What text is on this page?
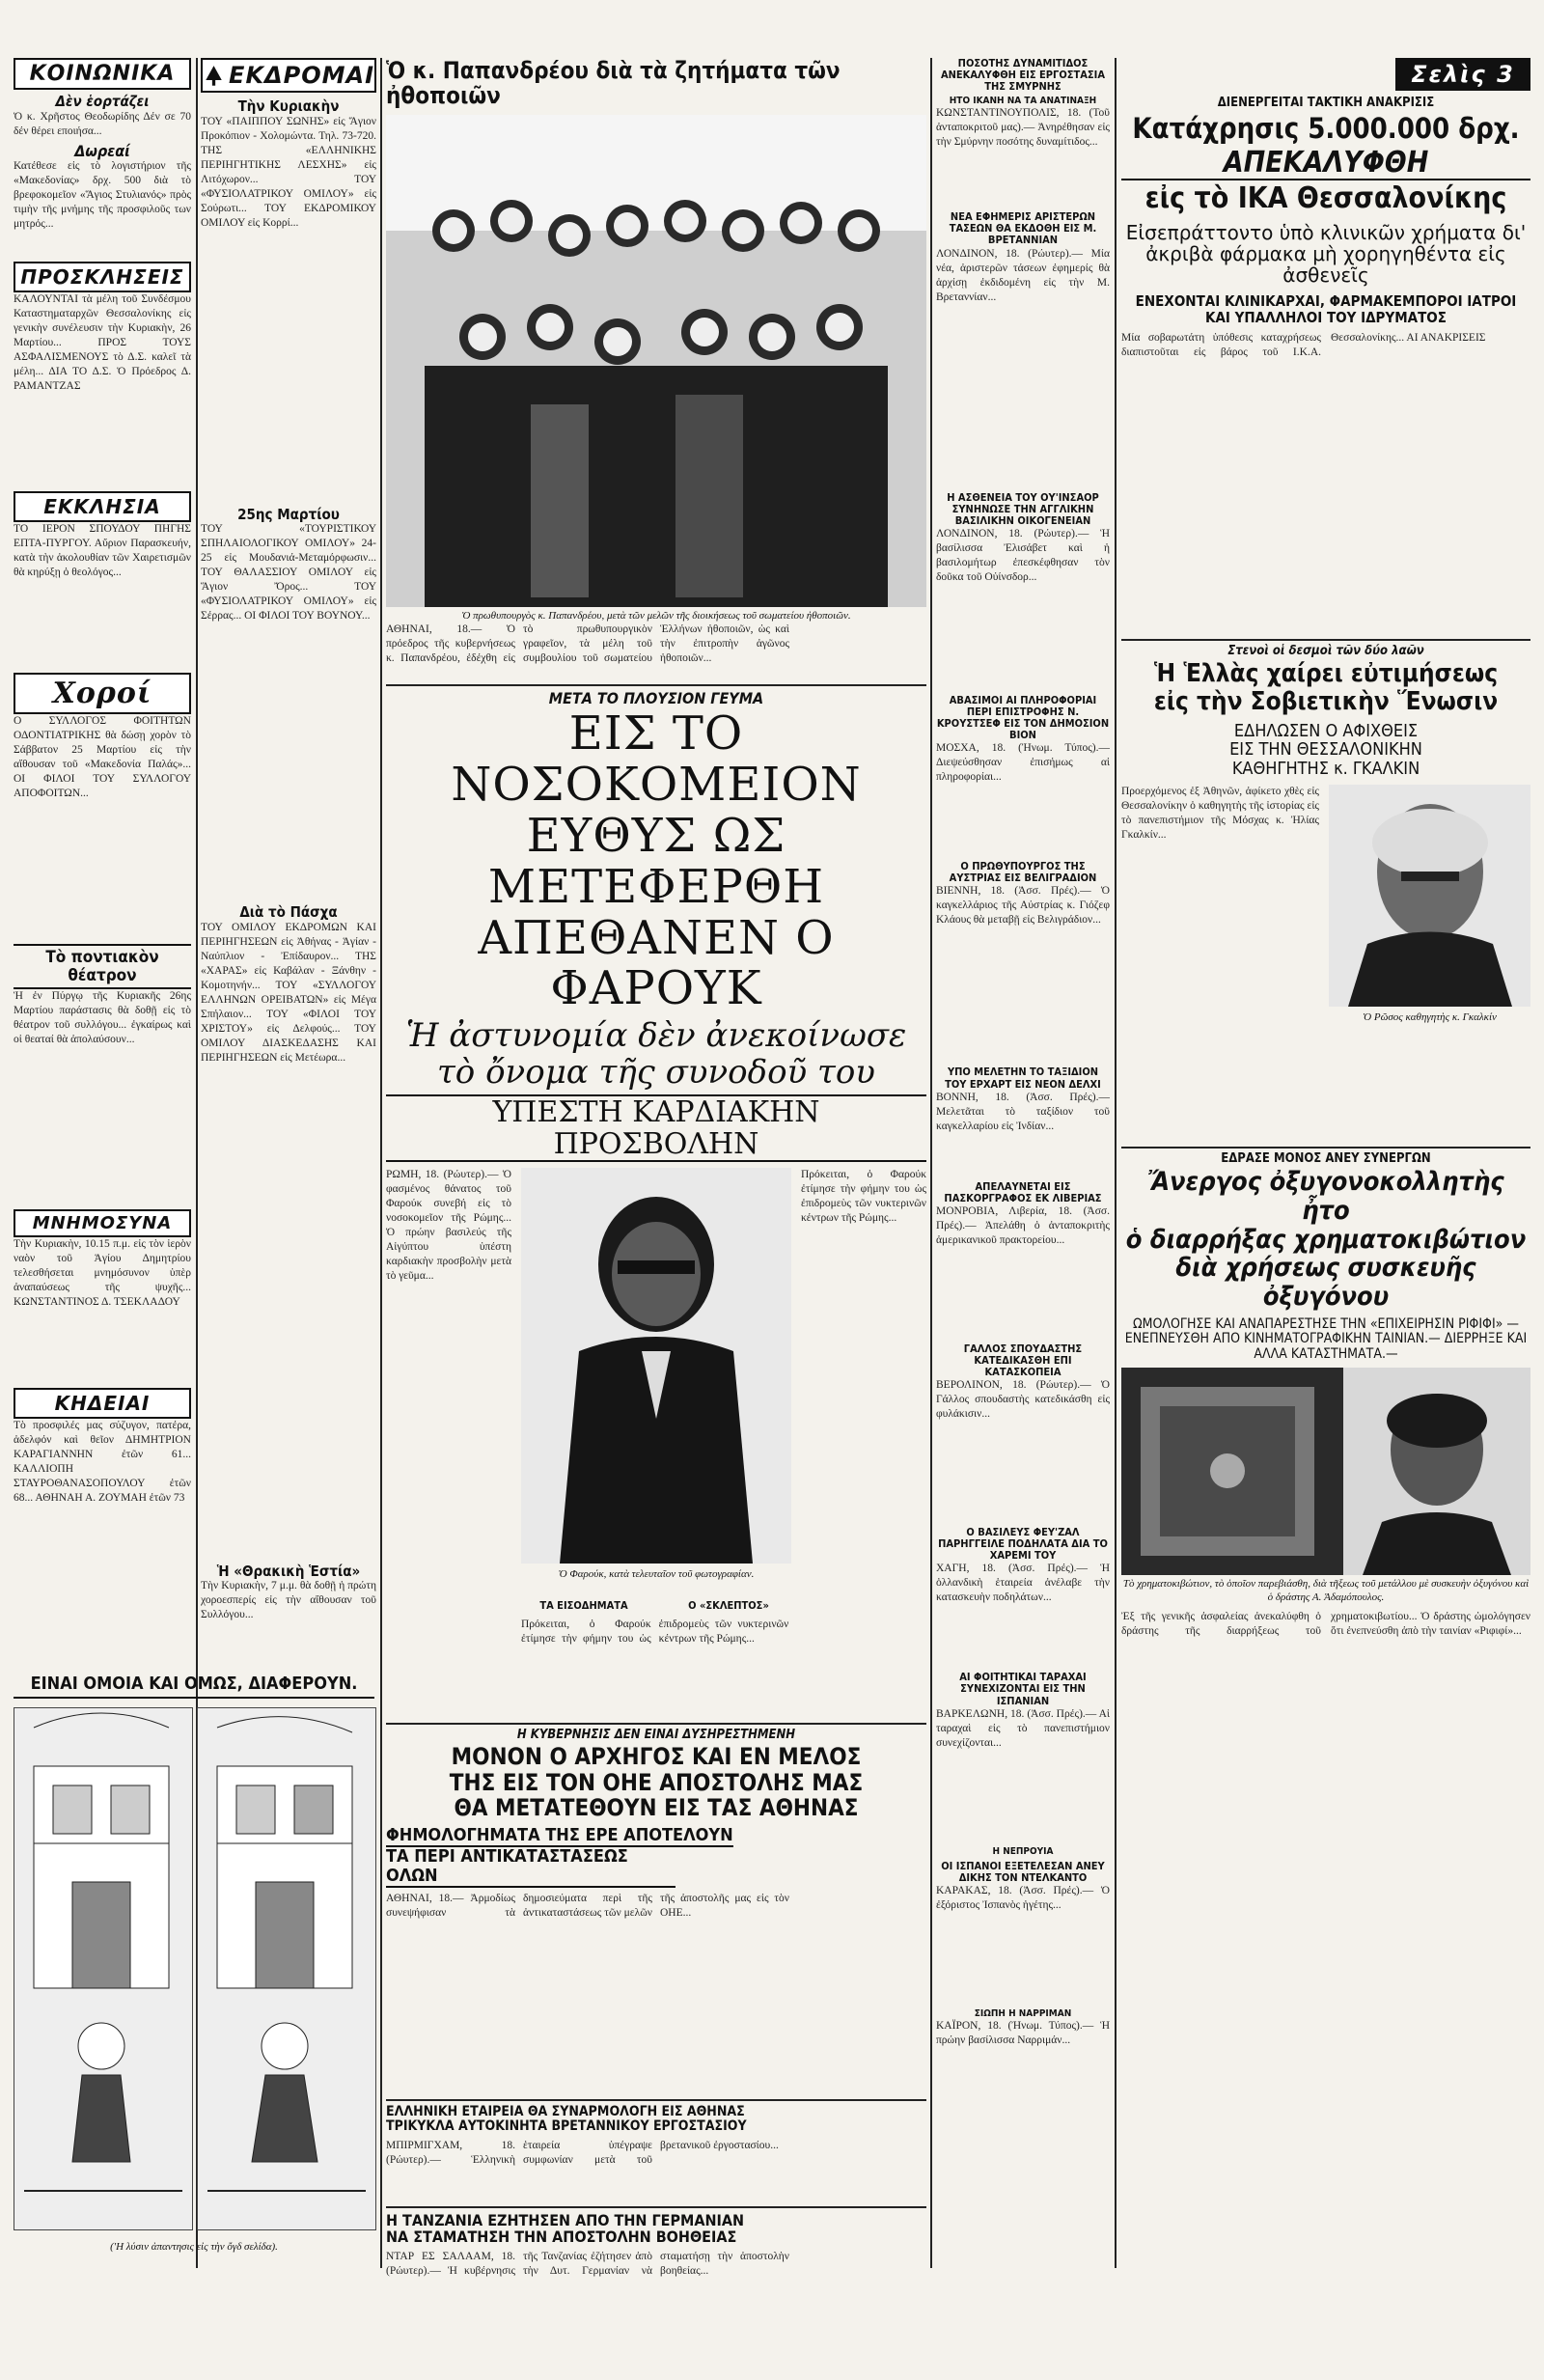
ΚΟΙΝΩΝΙΚΑ

Δὲν ἑορτάζει

Ὁ κ. Χρῆστος Θεοδωρίδης Δέν σε 70 δέν θέρει εποιήσα...

Δωρεαί

Κατέθεσε εἰς τὸ λογιστήριον τῆς «Μακεδονίας» δρχ. 500 διὰ τὸ βρεφοκομεῖον «Ἅγιος Στυλιανός» πρὸς τιμὴν τῆς μνήμης τῆς προσφιλοῦς των μητρός...

ΠΡΟΣΚΛΗΣΕΙΣ

ΚΑΛΟΥΝΤΑΙ τὰ μέλη τοῦ Συνδέσμου Καταστηματαρχῶν Θεσσαλονίκης εἰς γενικὴν συνέλευσιν τὴν Κυριακὴν, 26 Μαρτίου... ΠΡΟΣ ΤΟΥΣ ΑΣΦΑΛΙΣΜΕΝΟΥΣ τὸ Δ.Σ. καλεῖ τὰ μέλη... ΔΙΑ ΤΟ Δ.Σ. Ὁ Πρόεδρος Δ. ΡΑΜΑΝΤΖΑΣ

ΕΚΚΛΗΣΙΑ

ΤΟ ΙΕΡΟΝ ΣΠΟΥΔΟΥ ΠΗΓΗΣ ΕΠΤΑ-ΠΥΡΓΟΥ. Αὔριον Παρασκευήν, κατὰ τὴν ἀκολουθίαν τῶν Χαιρετισμῶν θὰ κηρύξῃ ὁ θεολόγος...

Χοροί

Ο ΣΥΛΛΟΓΟΣ ΦΟΙΤΗΤΩΝ ΟΔΟΝΤΙΑΤΡΙΚΗΣ θὰ δώσῃ χορὸν τὸ Σάββατον 25 Μαρτίου εἰς τὴν αἴθουσαν τοῦ «Μακεδονία Παλάς»... ΟΙ ΦΙΛΟΙ ΤΟΥ ΣΥΛΛΟΓΟΥ ΑΠΟΦΟΙΤΩΝ...

Τὸ ποντιακὸν θέατρον

Ἡ ἐν Πύργῳ τῆς Κυριακῆς 26ης Μαρτίου παράστασις θὰ δοθῇ εἰς τὸ θέατρον τοῦ συλλόγου... ἐγκαίρως καὶ οἱ θεαταί θὰ ἀπολαύσουν...

ΜΝΗΜΟΣΥΝΑ

Τὴν Κυριακὴν, 10.15 π.μ. εἰς τὸν ἱερὸν ναὸν τοῦ Ἁγίου Δημητρίου τελεσθήσεται μνημόσυνον ὑπὲρ ἀναπαύσεως τῆς ψυχῆς... ΚΩΝΣΤΑΝΤΙΝΟΣ Δ. ΤΣΕΚΛΑΔΟΥ

ΚΗΔΕΙΑΙ

Τὸ προσφιλές μας σύζυγον, πατέρα, ἀδελφόν καὶ θεῖον ΔΗΜΗΤΡΙΟΝ ΚΑΡΑΓΙΑΝΝΗΝ ἐτῶν 61... ΚΑΛΛΙΟΠΗ ΣΤΑΥΡΟΘΑΝΑΣΟΠΟΥΛΟΥ ἐτῶν 68... ΑΘΗΝΑΗ Α. ΖΟΥΜΑΗ ἐτῶν 73

ΕΙΝΑΙ ΟΜΟΙΑ ΚΑΙ ΟΜΩΣ, ΔΙΑΦΕΡΟΥΝ.

('Η λύσιν ἀπαντησις εἰς τὴν ὄγδ σελίδα).

ΕΚΔΡΟΜΑΙ

Τὴν Κυριακὴν

ΤΟΥ «ΠΑΙΠΠΟΥ ΣΩΝΗΣ» εἰς Ἅγιον Προκόπιον - Χολομώντα. Τηλ. 73-720. ΤΗΣ «ΕΛΛΗΝΙΚΗΣ ΠΕΡΙΗΓΗΤΙΚΗΣ ΛΕΣΧΗΣ» εἰς Λιτόχωρον... ΤΟΥ «ΦΥΣΙΟΛΑΤΡΙΚΟΥ ΟΜΙΛΟΥ» εἰς Σούρωτι... ΤΟΥ ΕΚΔΡΟΜΙΚΟΥ ΟΜΙΛΟΥ εἰς Κορρί...

25ης Μαρτίου

ΤΟΥ «ΤΟΥΡΙΣΤΙΚΟΥ ΣΠΗΛΑΙΟΛΟΓΙΚΟΥ ΟΜΙΛΟΥ» 24-25 εἰς Μουδανιά-Μεταμόρφωσιν... ΤΟΥ ΘΑΛΑΣΣΙΟΥ ΟΜΙΛΟΥ εἰς Ἅγιον Ὄρος... ΤΟΥ «ΦΥΣΙΟΛΑΤΡΙΚΟΥ ΟΜΙΛΟΥ» εἰς Σέρρας... ΟΙ ΦΙΛΟΙ ΤΟΥ ΒΟΥΝΟΥ...

Διὰ τὸ Πάσχα

ΤΟΥ ΟΜΙΛΟΥ ΕΚΔΡΟΜΩΝ ΚΑΙ ΠΕΡΙΗΓΗΣΕΩΝ εἰς Ἀθήνας - Ἁγίαν - Ναύπλιον - Ἐπίδαυρον... ΤΗΣ «ΧΑΡΑΣ» εἰς Καβάλαν - Ξάνθην - Κομοτηνήν... ΤΟΥ «ΣΥΛΛΟΓΟΥ ΕΛΛΗΝΩΝ ΟΡΕΙΒΑΤΩΝ» εἰς Μέγα Σπήλαιον... ΤΟΥ «ΦΙΛΟΙ ΤΟΥ ΧΡΙΣΤΟΥ» εἰς Δελφούς... ΤΟΥ ΟΜΙΛΟΥ ΔΙΑΣΚΕΔΑΣΗΣ ΚΑΙ ΠΕΡΙΗΓΗΣΕΩΝ εἰς Μετέωρα...

Ἡ «Θρακικὴ Ἑστία»

Τὴν Κυριακὴν, 7 μ.μ. θὰ δοθῇ ἡ πρώτη χοροεσπερίς εἰς τὴν αἴθουσαν τοῦ Συλλόγου...

Ὁ κ. Παπανδρέου διὰ τὰ ζητήματα τῶν ἠθοποιῶν

Ὁ πρωθυπουργὸς κ. Παπανδρέου, μετὰ τῶν μελῶν τῆς διοικήσεως τοῦ σωματείου ἠθοποιῶν.

ΑΘΗΝΑΙ, 18.— Ὁ πρόεδρος τῆς κυβερνήσεως κ. Παπανδρέου, ἐδέχθη εἰς τὸ πρωθυπουργικὸν γραφεῖον, τὰ μέλη τοῦ συμβουλίου τοῦ σωματείου Ἑλλήνων ἠθοποιῶν, ὡς καὶ τὴν ἐπιτροπὴν ἀγῶνος ἠθοποιῶν...

ΜΕΤΑ ΤΟ ΠΛΟΥΣΙΟΝ ΓΕΥΜΑ

ΕΙΣ ΤΟ ΝΟΣΟΚΟΜΕΙΟΝ

ΕΥΘΥΣ ΩΣ ΜΕΤΕΦΕΡΘΗ

ΑΠΕΘΑΝΕΝ Ο ΦΑΡΟΥΚ

Ἡ ἀστυνομία δὲν ἀνεκοίνωσε

τὸ ὄνομα τῆς συνοδοῦ του

ΥΠΕΣΤΗ ΚΑΡΔΙΑΚΗΝ ΠΡΟΣΒΟΛΗΝ

ΡΩΜΗ, 18. (Ρώυτερ).— Ὁ φασμένος θάνατος τοῦ Φαρούκ συνεβή εἰς τὸ νοσοκομεῖον τῆς Ρώμης... Ὁ πρώην βασιλεύς τῆς Αἰγύπτου ὑπέστη καρδιακὴν προσβολὴν μετὰ τὸ γεῦμα...

Ὁ Φαρούκ, κατὰ τελευταῖον τοῦ φωτογραφίαν.

Πρόκειται, ὁ Φαρούκ ἐτίμησε τὴν φήμην του ὡς ἐπιδρομεὺς τῶν νυκτερινῶν κέντρων τῆς Ρώμης...

ΤΑ ΕΙΣΟΔΗΜΑΤΑ	Ο «ΣΚΛΕΠΤΟΣ»

Πρόκειται, ὁ Φαρούκ ἐτίμησε τὴν φήμην του ὡς ἐπιδρομεὺς τῶν νυκτερινῶν κέντρων τῆς Ρώμης...

Η ΚΥΒΕΡΝΗΣΙΣ ΔΕΝ ΕΙΝΑΙ ΔΥΣΗΡΕΣΤΗΜΕΝΗ

ΜΟΝΟΝ Ο ΑΡΧΗΓΟΣ ΚΑΙ ΕΝ ΜΕΛΟΣ

ΤΗΣ ΕΙΣ ΤΟΝ ΟΗΕ ΑΠΟΣΤΟΛΗΣ ΜΑΣ

ΘΑ ΜΕΤΑΤΕΘΟΥΝ ΕΙΣ ΤΑΣ ΑΘΗΝΑΣ

ΦΗΜΟΛΟΓΗΜΑΤΑ ΤΗΣ ΕΡΕ ΑΠΟΤΕΛΟΥΝ

ΤΑ ΠΕΡΙ ΑΝΤΙΚΑΤΑΣΤΑΣΕΩΣ ΟΛΩΝ

ΑΘΗΝΑΙ, 18.— Ἀρμοδίως συνεψήφισαν τὰ δημοσιεύματα περὶ τῆς ἀντικαταστάσεως τῶν μελῶν τῆς ἀποστολῆς μας εἰς τὸν ΟΗΕ...

ΕΛΛΗΝΙΚΗ ΕΤΑΙΡΕΙΑ ΘΑ ΣΥΝΑΡΜΟΛΟΓΗ ΕΙΣ ΑΘΗΝΑΣ

ΤΡΙΚΥΚΛΑ ΑΥΤΟΚΙΝΗΤΑ ΒΡΕΤΑΝΝΙΚΟΥ ΕΡΓΟΣΤΑΣΙΟΥ

ΜΠΙΡΜΙΓΧΑΜ, 18. (Ρώυτερ).— Ἑλληνικὴ ἑταιρεία ὑπέγραψε συμφωνίαν μετὰ τοῦ βρετανικοῦ ἐργοστασίου...

Η ΤΑΝΖΑΝΙΑ ΕΖΗΤΗΣΕΝ ΑΠΟ ΤΗΝ ΓΕΡΜΑΝΙΑΝ

ΝΑ ΣΤΑΜΑΤΗΣΗ ΤΗΝ ΑΠΟΣΤΟΛΗΝ ΒΟΗΘΕΙΑΣ

ΝΤΑΡ ΕΣ ΣΑΛΑΑΜ, 18. (Ρώυτερ).— Ἡ κυβέρνησις τῆς Τανζανίας ἐζήτησεν ἀπὸ τὴν Δυτ. Γερμανίαν νὰ σταματήσῃ τὴν ἀποστολὴν βοηθείας...

ΠΟΣΟΤΗΣ ΔΥΝΑΜΙΤΙΔΟΣ ΑΝΕΚΑΛΥΦΘΗ ΕΙΣ ΕΡΓΟΣΤΑΣΙΑ ΤΗΣ ΣΜΥΡΝΗΣ

ΗΤΟ ΙΚΑΝΗ ΝΑ ΤΑ ΑΝΑΤΙΝΑΞΗ

ΚΩΝΣΤΑΝΤΙΝΟΥΠΟΛΙΣ, 18. (Τοῦ ἀνταποκριτοῦ μας).— Ἀνηρέθησαν εἰς τὴν Σμύρνην ποσότης δυναμίτιδος...

ΝΕΑ ΕΦΗΜΕΡΙΣ ΑΡΙΣΤΕΡΩΝ ΤΑΣΕΩΝ ΘΑ ΕΚΔΟΘΗ ΕΙΣ Μ. ΒΡΕΤΑΝΝΙΑΝ

ΛΟΝΔΙΝΟΝ, 18. (Ρώυτερ).— Μία νέα, ἀριστερῶν τάσεων ἐφημερίς θὰ ἀρχίσῃ ἐκδιδομένη εἰς τὴν Μ. Βρεταννίαν...

Η ΑΣΘΕΝΕΙΑ ΤΟΥ ΟΥ'ΙΝΣΑΟΡ ΣΥΝΗΝΩΣΕ ΤΗΝ ΑΓΓΛΙΚΗΝ ΒΑΣΙΛΙΚΗΝ ΟΙΚΟΓΕΝΕΙΑΝ

ΛΟΝΔΙΝΟΝ, 18. (Ρώυτερ).— Ἡ βασίλισσα Ἐλισάβετ καὶ ἡ βασιλομήτωρ ἐπεσκέφθησαν τὸν δοῦκα τοῦ Οὐίνσδορ...

ΑΒΑΣΙΜΟΙ ΑΙ ΠΛΗΡΟΦΟΡΙΑΙ ΠΕΡΙ ΕΠΙΣΤΡΟΦΗΣ Ν. ΚΡΟΥΣΤΣΕΦ ΕΙΣ ΤΟΝ ΔΗΜΟΣΙΟΝ ΒΙΟΝ

ΜΟΣΧΑ, 18. (Ἠνωμ. Τύπος).— Διεψεύσθησαν ἐπισήμως αἱ πληροφορίαι...

Ο ΠΡΩΘΥΠΟΥΡΓΟΣ ΤΗΣ ΑΥΣΤΡΙΑΣ ΕΙΣ ΒΕΛΙΓΡΑΔΙΟΝ

ΒΙΕΝΝΗ, 18. (Ἀσσ. Πρές).— Ὁ καγκελλάριος τῆς Αὐστρίας κ. Γιόζεφ Κλάους θὰ μεταβῇ εἰς Βελιγράδιον...

ΥΠΟ ΜΕΛΕΤΗΝ ΤΟ ΤΑΞΙΔΙΟΝ ΤΟΥ ΕΡΧΑΡΤ ΕΙΣ ΝΕΟΝ ΔΕΛΧΙ

ΒΟΝΝΗ, 18. (Ἀσσ. Πρές).— Μελετᾶται τὸ ταξίδιον τοῦ καγκελλαρίου εἰς Ἰνδίαν...

ΑΠΕΛΑΥΝΕΤΑΙ ΕΙΣ ΠΑΣΚΟΡΓΡΑΦΟΣ ΕΚ ΛΙΒΕΡΙΑΣ

ΜΟΝΡΟΒΙΑ, Λιβερία, 18. (Ἀσσ. Πρές).— Ἀπελάθη ὁ ἀνταποκριτὴς ἀμερικανικοῦ πρακτορείου...

ΓΑΛΛΟΣ ΣΠΟΥΔΑΣΤΗΣ ΚΑΤΕΔΙΚΑΣΘΗ ΕΠΙ ΚΑΤΑΣΚΟΠΕΙΑ

ΒΕΡΟΛΙΝΟΝ, 18. (Ρώυτερ).— Ὁ Γάλλος σπουδαστὴς κατεδικάσθη εἰς φυλάκισιν...

Ο ΒΑΣΙΛΕΥΣ ΦΕΥ'ΖΑΛ ΠΑΡΗΓΓΕΙΛΕ ΠΟΔΗΛΑΤΑ ΔΙΑ ΤΟ ΧΑΡΕΜΙ ΤΟΥ

ΧΑΓΗ, 18. (Ἀσσ. Πρές).— Ἡ ὁλλανδικὴ ἑταιρεία ἀνέλαβε τὴν κατασκευὴν ποδηλάτων...

ΑΙ ΦΟΙΤΗΤΙΚΑΙ ΤΑΡΑΧΑΙ ΣΥΝΕΧΙΖΟΝΤΑΙ ΕΙΣ ΤΗΝ ΙΣΠΑΝΙΑΝ

ΒΑΡΚΕΛΩΝΗ, 18. (Ἀσσ. Πρές).— Αἱ ταραχαὶ εἰς τὸ πανεπιστήμιον συνεχίζονται...

Η ΝΕΠΡΟΥΙΑ

ΟΙ ΙΣΠΑΝΟΙ ΕΞΕΤΕΛΕΣΑΝ ΑΝΕΥ ΔΙΚΗΣ ΤΟΝ ΝΤΕΛΚΑΝΤΟ

ΚΑΡΑΚΑΣ, 18. (Ἀσσ. Πρές).— Ὁ ἐξόριστος Ἰσπανὸς ἡγέτης...

ΣΙΩΠΗ Η ΝΑΡΡΙΜΑΝ

ΚΑΪΡΟΝ, 18. (Ἠνωμ. Τύπος).— Ἡ πρώην βασίλισσα Ναρριμάν...

Σελὶς 3

ΔΙΕΝΕΡΓΕΙΤΑΙ ΤΑΚΤΙΚΗ ΑΝΑΚΡΙΣΙΣ

Κατάχρησις 5.000.000 δρχ.

ΑΠΕΚΑΛΥΦΘΗ

εἰς τὸ ΙΚΑ Θεσσαλονίκης

Εἰσεπράττοντο ὑπὸ κλινικῶν χρήματα δι' ἀκριβὰ φάρμακα μὴ χορηγηθέντα εἰς ἀσθενεῖς

ΕΝΕΧΟΝΤΑΙ ΚΛΙΝΙΚΑΡΧΑΙ, ΦΑΡΜΑΚΕΜΠΟΡΟΙ ΙΑΤΡΟΙ ΚΑΙ ΥΠΑΛΛΗΛΟΙ ΤΟΥ ΙΔΡΥΜΑΤΟΣ

Μία σοβαρωτάτη ὑπόθεσις καταχρήσεως διαπιστοῦται εἰς βάρος τοῦ Ι.Κ.Α. Θεσσαλονίκης... ΑΙ ΑΝΑΚΡΙΣΕΙΣ

Στενοὶ οἱ δεσμοὶ τῶν δύο λαῶν

Ἡ Ἑλλὰς χαίρει εὐτιμήσεως

εἰς τὴν Σοβιετικὴν Ἕνωσιν

ΕΔΗΛΩΣΕΝ Ο ΑΦΙΧΘΕΙΣ

ΕΙΣ ΤΗΝ ΘΕΣΣΑΛΟΝΙΚΗΝ

ΚΑΘΗΓΗΤΗΣ κ. ΓΚΑΛΚΙΝ

Προερχόμενος ἐξ Ἀθηνῶν, ἀφίκετο χθὲς εἰς Θεσσαλονίκην ὁ καθηγητὴς τῆς ἱστορίας εἰς τὸ πανεπιστήμιον τῆς Μόσχας κ. Ἠλίας Γκαλκίν...

Ὁ Ρῶσος καθηγητὴς κ. Γκαλκίν

ΕΔΡΑΣΕ ΜΟΝΟΣ ΑΝΕΥ ΣΥΝΕΡΓΩΝ

Ἄνεργος ὀξυγονοκολλητὴς ἦτο

ὁ διαρρήξας χρηματοκιβώτιον

διὰ χρήσεως συσκευῆς ὀξυγόνου

ΩΜΟΛΟΓΗΣΕ ΚΑΙ ΑΝΑΠΑΡΕΣΤΗΣΕ ΤΗΝ «ΕΠΙΧΕΙΡΗΣΙΝ ΡΙΦΙΦΙ» — ΕΝΕΠΝΕΥΣΘΗ ΑΠΟ ΚΙΝΗΜΑΤΟΓΡΑΦΙΚΗΝ ΤΑΙΝΙΑΝ.— ΔΙΕΡΡΗΞΕ ΚΑΙ ΑΛΛΑ ΚΑΤΑΣΤΗΜΑΤΑ.—

Τὸ χρηματοκιβώτιον, τὸ ὁποῖον παρεβιάσθη, διὰ τῆξεως τοῦ μετάλλου μὲ συσκευὴν ὀξυγόνου καὶ ὁ δράστης Α. Ἀδαμόπουλος.

Ἐξ τῆς γενικῆς ἀσφαλείας ἀνεκαλύφθη ὁ δράστης τῆς διαρρήξεως τοῦ χρηματοκιβωτίου... Ὁ δράστης ὡμολόγησεν ὅτι ἐνεπνεύσθη ἀπὸ τὴν ταινίαν «Ριφιφί»...
